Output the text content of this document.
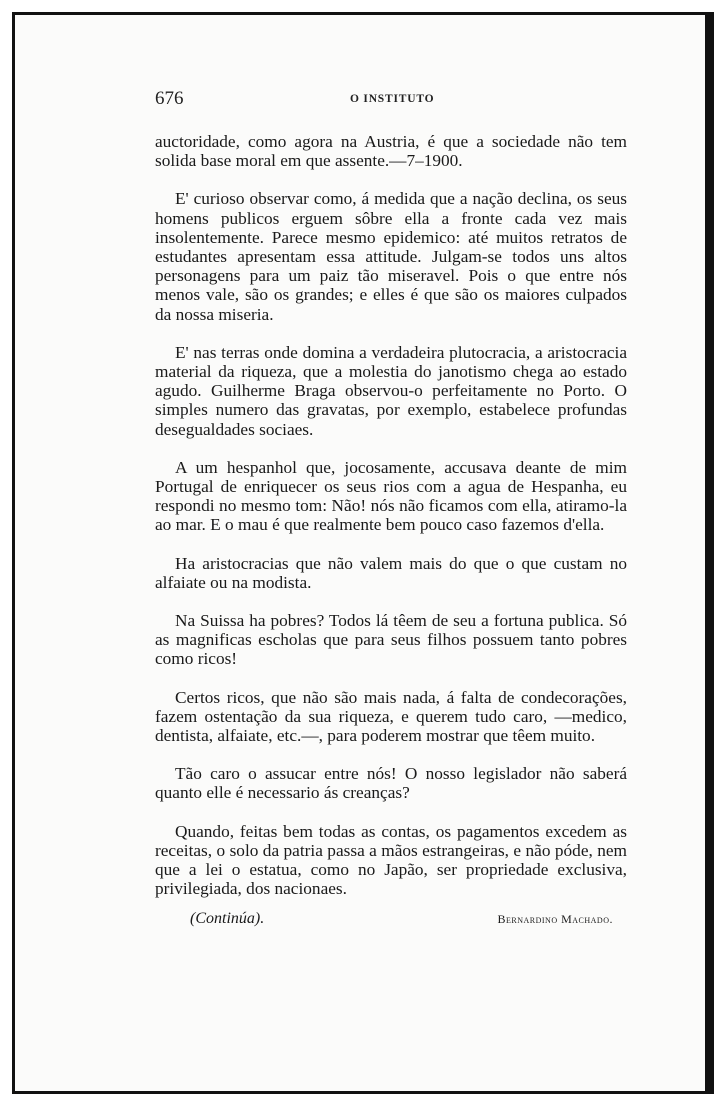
676	O INSTITUTO

auctoridade, como agora na Austria, é que a sociedade não tem solida base moral em que assente.—7–1900.

E' curioso observar como, á medida que a nação declina, os seus homens publicos erguem sôbre ella a fronte cada vez mais insolentemente. Parece mesmo epidemico: até muitos retratos de estudantes apresentam essa attitude. Julgam-se todos uns altos personagens para um paiz tão miseravel. Pois o que entre nós menos vale, são os grandes; e elles é que são os maiores culpados da nossa miseria.

E' nas terras onde domina a verdadeira plutocracia, a aristocracia material da riqueza, que a molestia do janotismo chega ao estado agudo. Guilherme Braga observou-o perfeitamente no Porto. O simples numero das gravatas, por exemplo, estabelece profundas desegualdades sociaes.

A um hespanhol que, jocosamente, accusava deante de mim Portugal de enriquecer os seus rios com a agua de Hespanha, eu respondi no mesmo tom: Não! nós não ficamos com ella, atiramo-la ao mar. E o mau é que realmente bem pouco caso fazemos d'ella.

Ha aristocracias que não valem mais do que o que custam no alfaiate ou na modista.

Na Suissa ha pobres? Todos lá têem de seu a fortuna publica. Só as magnificas escholas que para seus filhos possuem tanto pobres como ricos!

Certos ricos, que não são mais nada, á falta de condecorações, fazem ostentação da sua riqueza, e querem tudo caro, —medico, dentista, alfaiate, etc.—, para poderem mostrar que têem muito.

Tão caro o assucar entre nós! O nosso legislador não saberá quanto elle é necessario ás creanças?

Quando, feitas bem todas as contas, os pagamentos excedem as receitas, o solo da patria passa a mãos estrangeiras, e não póde, nem que a lei o estatua, como no Japão, ser propriedade exclusiva, privilegiada, dos nacionaes.

(Continúa).	Bernardino Machado.
